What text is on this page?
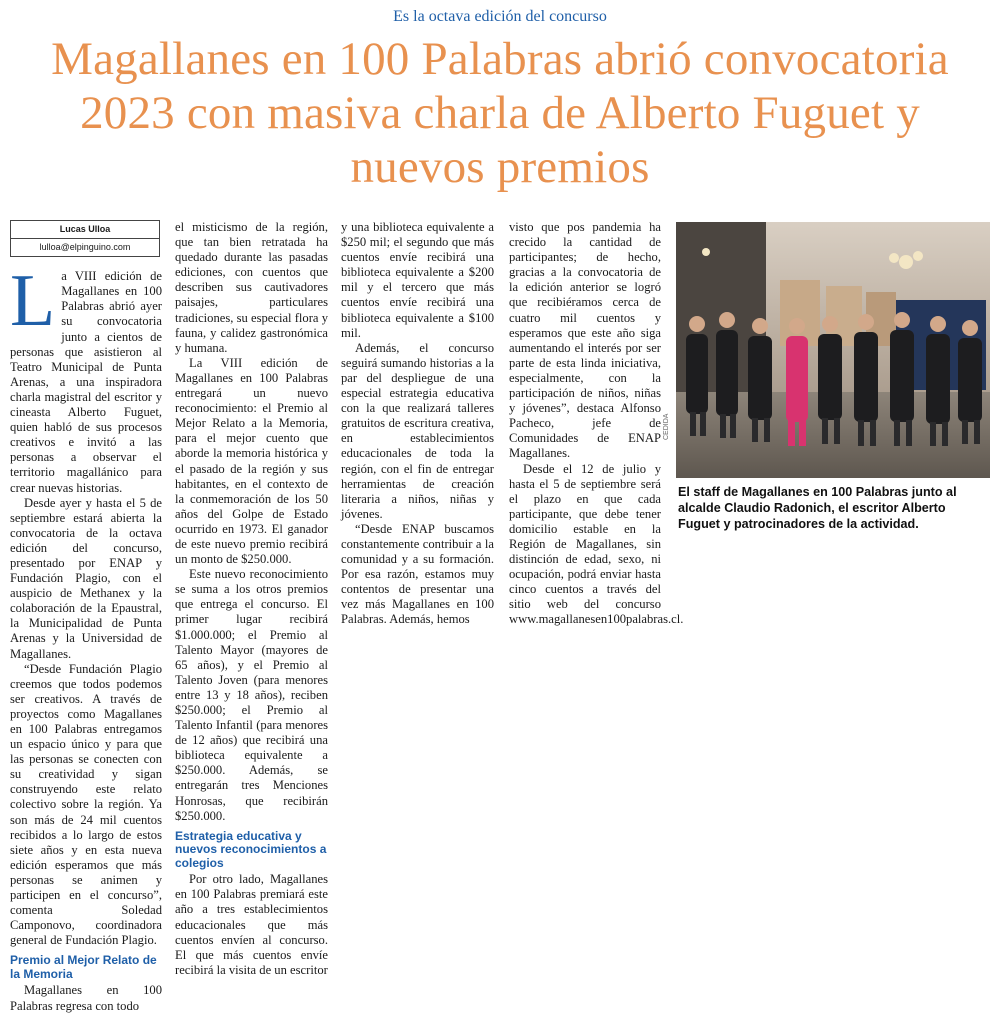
Es la octava edición del concurso
Magallanes en 100 Palabras abrió convocatoria 2023 con masiva charla de Alberto Fuguet y nuevos premios
Lucas Ulloa
lulloa@elpinguino.com

La VIII edición de Magallanes en 100 Palabras abrió ayer su convocatoria junto a cientos de personas que asistieron al Teatro Municipal de Punta Arenas, a una inspiradora charla magistral del escritor y cineasta Alberto Fuguet, quien habló de sus procesos creativos e invitó a las personas a observar el territorio magallánico para crear nuevas historias.

Desde ayer y hasta el 5 de septiembre estará abierta la convocatoria de la octava edición del concurso, presentado por ENAP y Fundación Plagio, con el auspicio de Methanex y la colaboración de la Epaustral, la Municipalidad de Punta Arenas y la Universidad de Magallanes.

“Desde Fundación Plagio creemos que todos podemos ser creativos. A través de proyectos como Magallanes en 100 Palabras entregamos un espacio único y para que las personas se conecten con su creatividad y sigan construyendo este relato colectivo sobre la región. Ya son más de 24 mil cuentos recibidos a lo largo de estos siete años y en esta nueva edición esperamos que más personas se animen y participen en el concurso”, comenta Soledad Camponovo, coordinadora general de Fundación Plagio.

Premio al Mejor Relato de la Memoria

Magallanes en 100 Palabras regresa con todo

el misticismo de la región, que tan bien retratada ha quedado durante las pasadas ediciones, con cuentos que describen sus cautivadores paisajes, particulares tradiciones, su especial flora y fauna, y calidez gastronómica y humana.

La VIII edición de Magallanes en 100 Palabras entregará un nuevo reconocimiento: el Premio al Mejor Relato a la Memoria, para el mejor cuento que aborde la memoria histórica y el pasado de la región y sus habitantes, en el contexto de la conmemoración de los 50 años del Golpe de Estado ocurrido en 1973. El ganador de este nuevo premio recibirá un monto de $250.000.

Este nuevo reconocimiento se suma a los otros premios que entrega el concurso. El primer lugar recibirá $1.000.000; el Premio al Talento Mayor (mayores de 65 años), y el Premio al Talento Joven (para menores entre 13 y 18 años), reciben $250.000; el Premio al Talento Infantil (para menores de 12 años) que recibirá una biblioteca equivalente a $250.000. Además, se entregarán tres Menciones Honrosas, que recibirán $250.000.

Estrategia educativa y nuevos reconocimientos a colegios

Por otro lado, Magallanes en 100 Palabras premiará este año a tres establecimientos educacionales que más cuentos envíen al concurso. El que más cuentos envíe recibirá la visita de un escritor

y una biblioteca equivalente a $250 mil; el segundo que más cuentos envíe recibirá una biblioteca equivalente a $200 mil y el tercero que más cuentos envíe recibirá una biblioteca equivalente a $100 mil.

Además, el concurso seguirá sumando historias a la par del despliegue de una especial estrategia educativa con la que realizará talleres gratuitos de escritura creativa, en establecimientos educacionales de toda la región, con el fin de entregar herramientas de creación literaria a niños, niñas y jóvenes.

“Desde ENAP buscamos constantemente contribuir a la comunidad y a su formación. Por esa razón, estamos muy contentos de presentar una vez más Magallanes en 100 Palabras. Además, hemos

visto que pos pandemia ha crecido la cantidad de participantes; de hecho, gracias a la convocatoria de la edición anterior se logró que recibiéramos cerca de cuatro mil cuentos y esperamos que este año siga aumentando el interés por ser parte de esta linda iniciativa, especialmente, con la participación de niños, niñas y jóvenes”, destaca Alfonso Pacheco, jefe de Comunidades de ENAP Magallanes.

Desde el 12 de julio y hasta el 5 de septiembre será el plazo en que cada participante, que debe tener domicilio estable en la Región de Magallanes, sin distinción de edad, sexo, ni ocupación, podrá enviar hasta cinco cuentos a través del sitio web del concurso www.magallanesen100palabras.cl.

CEDIDA
El staff de Magallanes en 100 Palabras junto al alcalde Claudio Radonich, el escritor Alberto Fuguet y patrocinadores de la actividad.
